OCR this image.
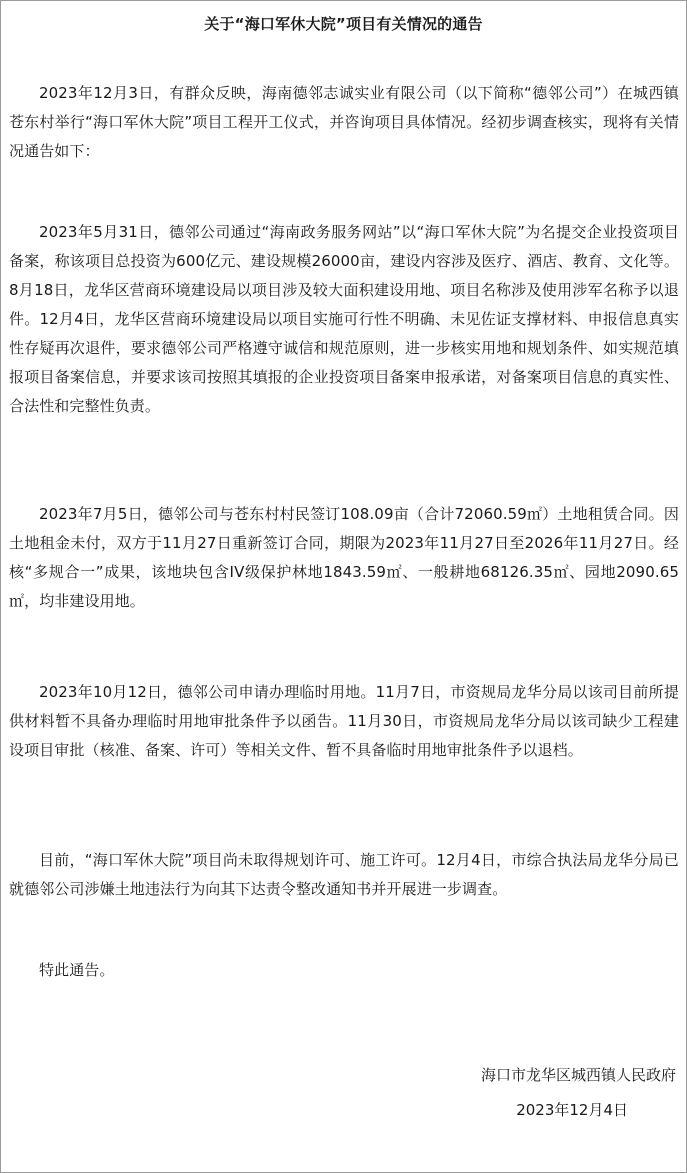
关于“海口军休大院”项目有关情况的通告

2023年12月3日，有群众反映，海南德邻志诚实业有限公司（以下简称“德邻公司”）在城西镇苍东村举行“海口军休大院”项目工程开工仪式，并咨询项目具体情况。经初步调查核实，现将有关情况通告如下：

2023年5月31日，德邻公司通过“海南政务服务网站”以“海口军休大院”为名提交企业投资项目备案，称该项目总投资为600亿元、建设规模26000亩，建设内容涉及医疗、酒店、教育、文化等。8月18日，龙华区营商环境建设局以项目涉及较大面积建设用地、项目名称涉及使用涉军名称予以退件。12月4日，龙华区营商环境建设局以项目实施可行性不明确、未见佐证支撑材料、申报信息真实性存疑再次退件，要求德邻公司严格遵守诚信和规范原则，进一步核实用地和规划条件、如实规范填报项目备案信息，并要求该司按照其填报的企业投资项目备案申报承诺，对备案项目信息的真实性、合法性和完整性负责。

2023年7月5日，德邻公司与苍东村村民签订108.09亩（合计72060.59㎡）土地租赁合同。因土地租金未付，双方于11月27日重新签订合同，期限为2023年11月27日至2026年11月27日。经核“多规合一”成果，该地块包含IV级保护林地1843.59㎡、一般耕地68126.35㎡、园地2090.65㎡，均非建设用地。

2023年10月12日，德邻公司申请办理临时用地。11月7日，市资规局龙华分局以该司目前所提供材料暂不具备办理临时用地审批条件予以函告。11月30日，市资规局龙华分局以该司缺少工程建设项目审批（核准、备案、许可）等相关文件、暂不具备临时用地审批条件予以退档。

目前，“海口军休大院”项目尚未取得规划许可、施工许可。12月4日，市综合执法局龙华分局已就德邻公司涉嫌土地违法行为向其下达责令整改通知书并开展进一步调查。

特此通告。

海口市龙华区城西镇人民政府
2023年12月4日
